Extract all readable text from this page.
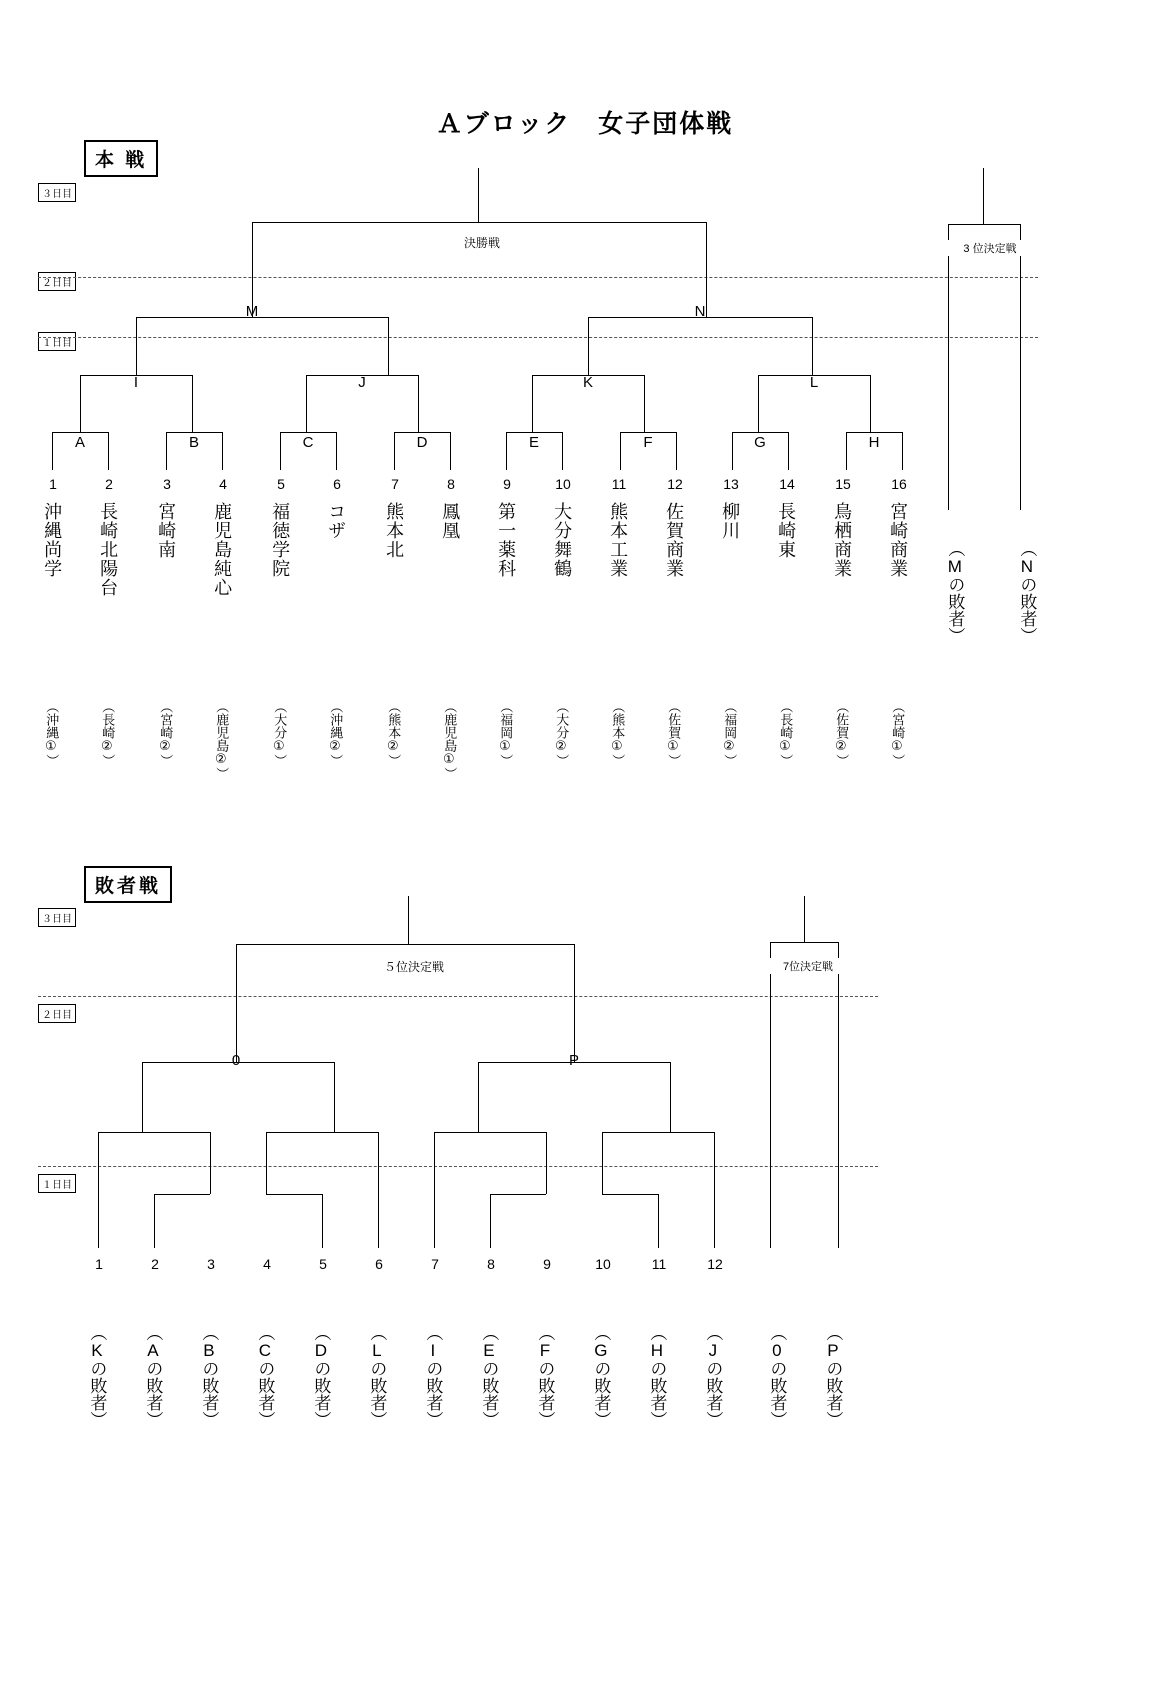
Ａブロック　女子団体戦
本 戦
３日目
２日目
１日目
決勝戦
M	N
I	J	K	L
A	B	C	D	E	F	G	H
3 位決定戦
1	2	3	4	5	6	7	8	9	10	11	12	13	14	15	16
沖縄尚学 長崎北陽台 宮崎南 鹿児島純心 福徳学院 コザ 熊本北 鳳凰 第一薬科 大分舞鶴 熊本工業 佐賀商業 柳川 長崎東 鳥栖商業 宮崎商業
（沖縄①）	（長崎②）	（宮崎②）	（鹿児島②）	（大分①）	（沖縄②）	（熊本②）	（鹿児島①）	（福岡①）	（大分②）	（熊本①）	（佐賀①）	（福岡②）	（長崎①）	（佐賀②）	（宮崎①）
（Mの敗者）	（Nの敗者）
敗者戦
３日目
２日目
１日目
５位決定戦
0	P
7位決定戦
1	2	3	4	5	6	7	8	9	10	11	12
（Kの敗者） （Aの敗者） （Bの敗者） （Cの敗者） （Dの敗者） （Lの敗者） （Iの敗者） （Eの敗者） （Fの敗者） （Gの敗者） （Hの敗者） （Jの敗者）	（0の敗者） （Pの敗者）
